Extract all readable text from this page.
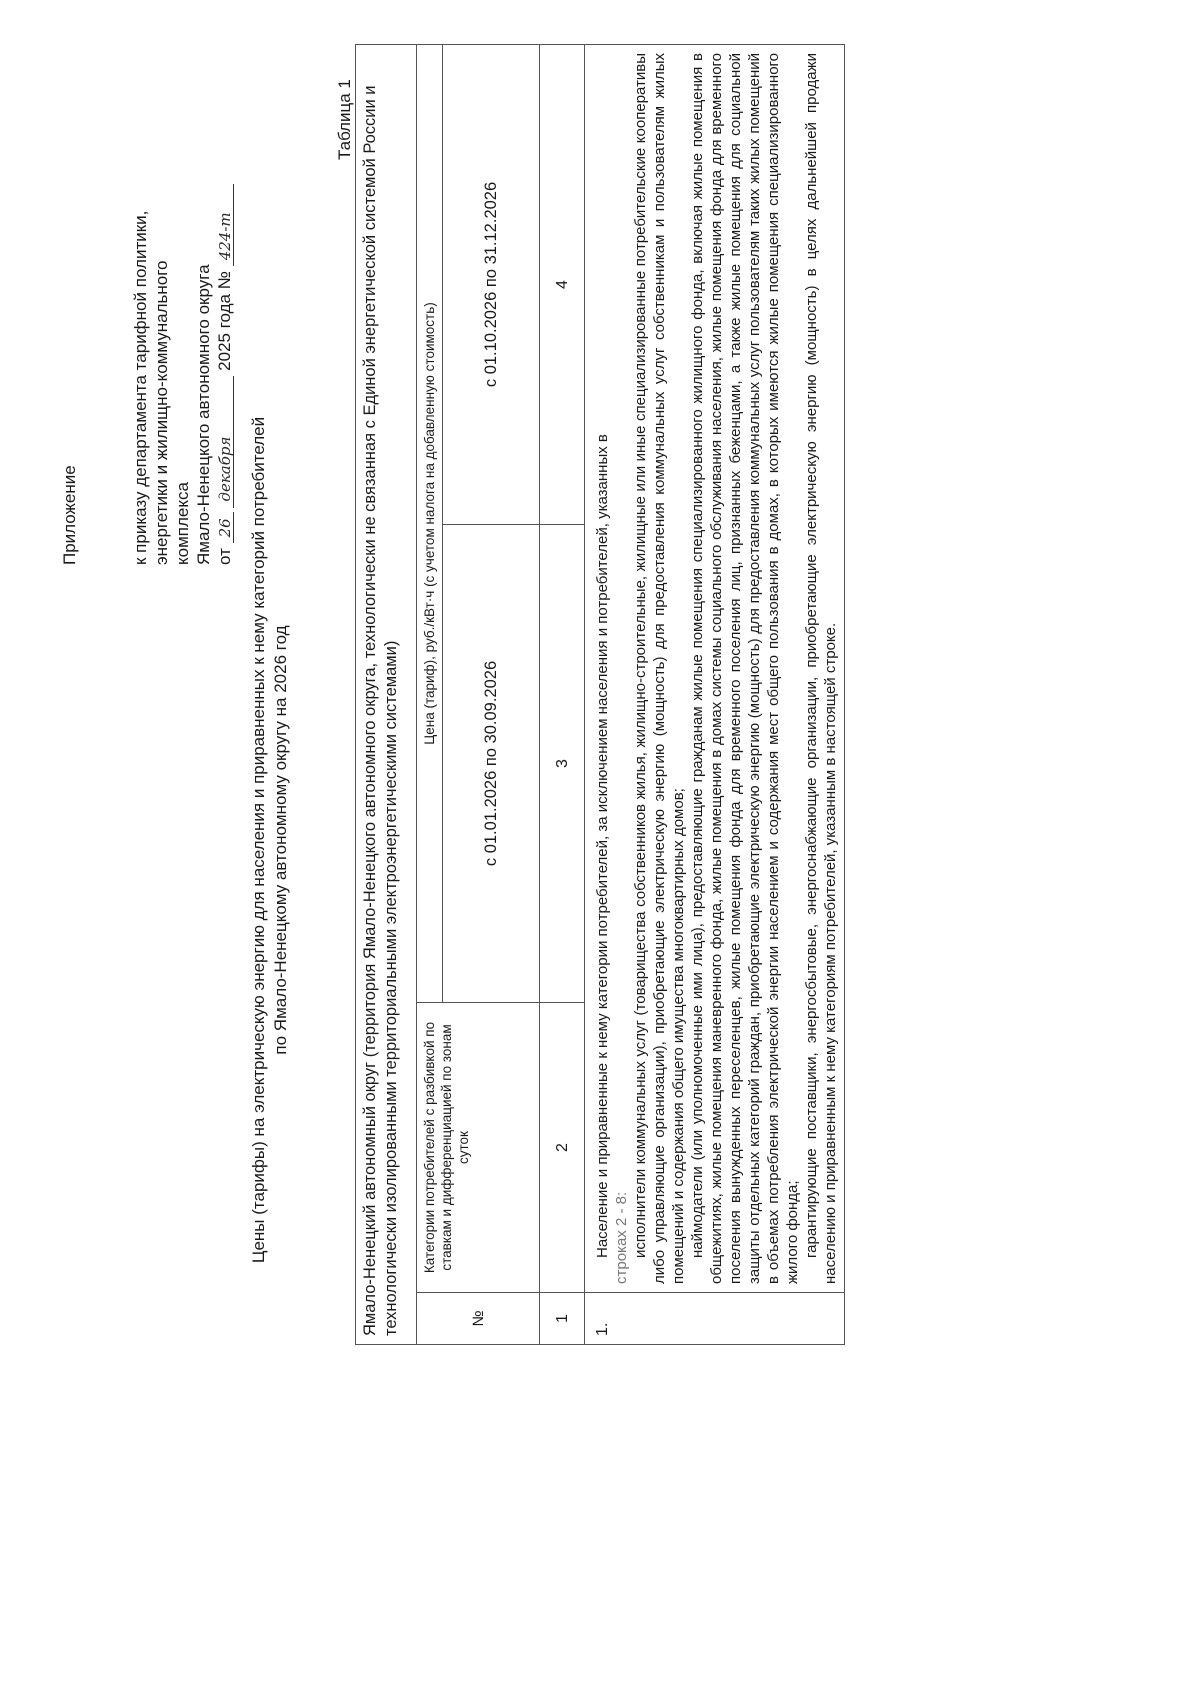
Приложение	к приказу департамента тарифной политики, энергетики и жилищно-коммунального комплекса Ямало-Ненецкого автономного округа от 26 декабря 2025 года № 424-т
Цены (тарифы) на электрическую энергию для населения и приравненных к нему категорий потребителей по Ямало-Ненецкому автономному округу на 2026 год
Таблица 1 Ямало-Ненецкий автономный округ (территория Ямало-Ненецкого автономного округа, технологически не связанная с Единой энергетической системой России и технологически изолированными территориальными электроэнергетическими системами)			
№	Категории потребителей с разбивкой по ставкам и дифференциацией по зонам суток	Цена (тариф), руб./кВт·ч (с учетом налога на добавленную стоимость)	
		с 01.01.2026 по 30.09.2026	с 01.10.2026 по 31.12.2026
1	2	3	4
1.	Население и приравненные к нему категории потребителей, за исключением населения и потребителей, указанных в строках 2 - 8: исполнители коммунальных услуг (товарищества собственников жилья, жилищно-строительные, жилищные или иные специализированные потребительские кооперативы либо управляющие организации), приобретающие электрическую энергию (мощность) для предоставления коммунальных услуг собственникам и пользователям жилых помещений и содержания общего имущества многоквартирных домов; наймодатели (или уполномоченные ими лица), предоставляющие гражданам жилые помещения специализированного жилищного фонда, включая жилые помещения в общежитиях, жилые помещения маневренного фонда, жилые помещения в домах системы социального обслуживания населения, жилые помещения фонда для временного поселения вынужденных переселенцев, жилые помещения фонда для временного поселения лиц, признанных беженцами, а также жилые помещения для социальной защиты отдельных категорий граждан, приобретающие электрическую энергию (мощность) для предоставления коммунальных услуг пользователям таких жилых помещений в объемах потребления электрической энергии населением и содержания мест общего пользования в домах, в которых имеются жилые помещения специализированного жилого фонда; гарантирующие поставщики, энергосбытовые, энергоснабжающие организации, приобретающие электрическую энергию (мощность) в целях дальнейшей продажи населению и приравненным к нему категориям потребителей, указанным в настоящей строке.		
